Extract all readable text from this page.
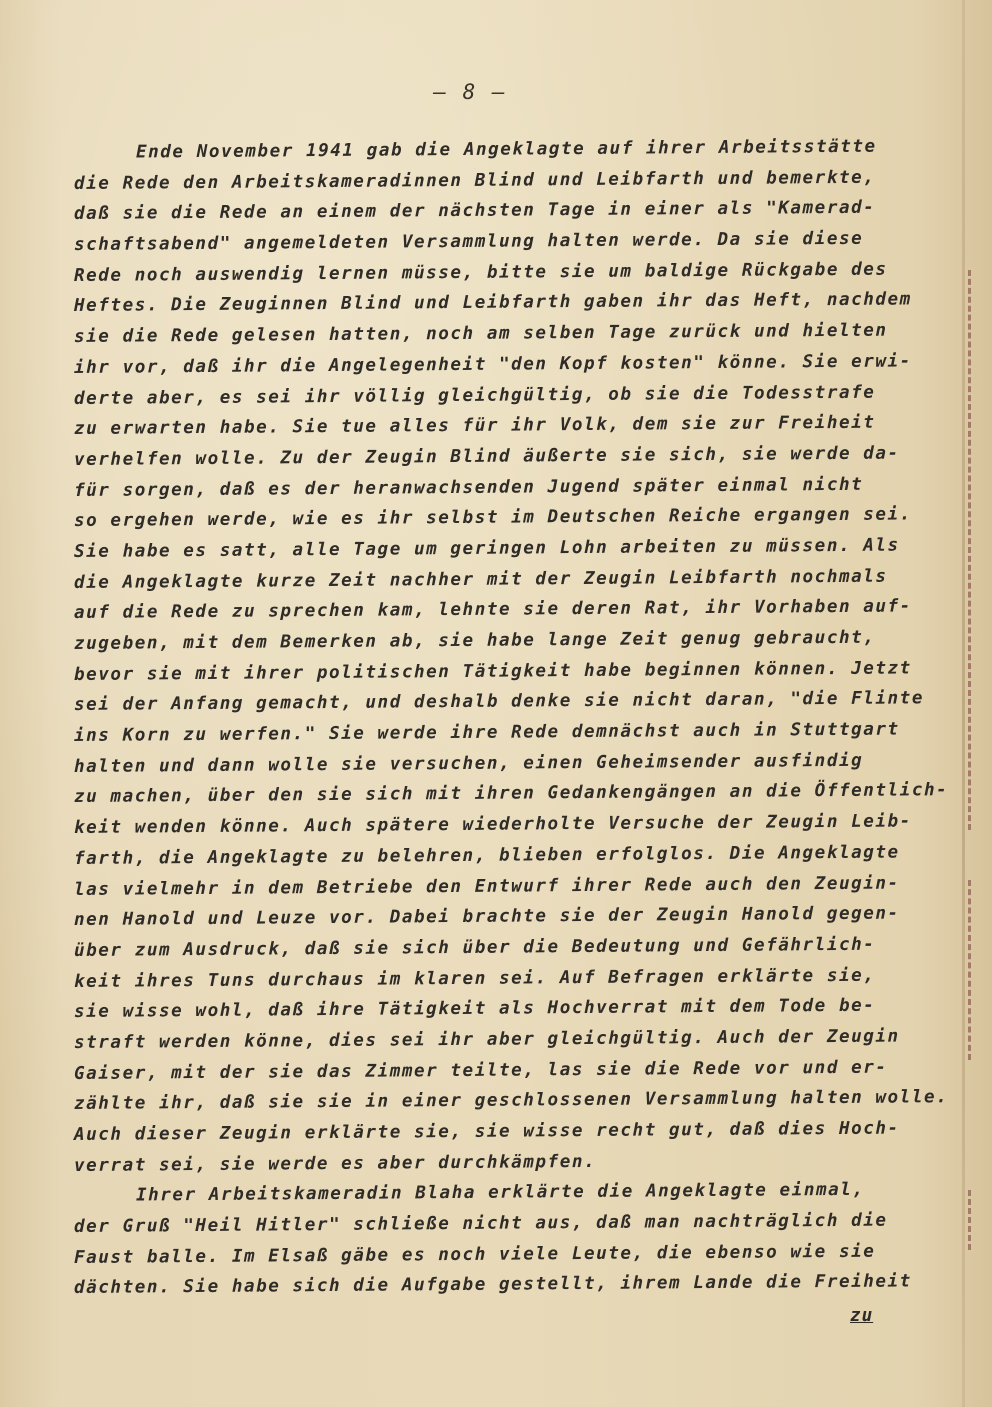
– 8 –
Ende November 1941 gab die Angeklagte auf ihrer Arbeitsstätte
die Rede den Arbeitskameradinnen Blind und Leibfarth und bemerkte,
daß sie die Rede an einem der nächsten Tage in einer als "Kamerad-
schaftsabend" angemeldeten Versammlung halten werde. Da sie diese
Rede noch auswendig lernen müsse, bitte sie um baldige Rückgabe des
Heftes. Die Zeuginnen Blind und Leibfarth gaben ihr das Heft, nachdem
sie die Rede gelesen hatten, noch am selben Tage zurück und hielten
ihr vor, daß ihr die Angelegenheit "den Kopf kosten" könne. Sie erwi-
derte aber, es sei ihr völlig gleichgültig, ob sie die Todesstrafe
zu erwarten habe. Sie tue alles für ihr Volk, dem sie zur Freiheit
verhelfen wolle. Zu der Zeugin Blind äußerte sie sich, sie werde da-
für sorgen, daß es der heranwachsenden Jugend später einmal nicht
so ergehen werde, wie es ihr selbst im Deutschen Reiche ergangen sei.
Sie habe es satt, alle Tage um geringen Lohn arbeiten zu müssen. Als
die Angeklagte kurze Zeit nachher mit der Zeugin Leibfarth nochmals
auf die Rede zu sprechen kam, lehnte sie deren Rat, ihr Vorhaben auf-
zugeben, mit dem Bemerken ab, sie habe lange Zeit genug gebraucht,
bevor sie mit ihrer politischen Tätigkeit habe beginnen können. Jetzt
sei der Anfang gemacht, und deshalb denke sie nicht daran, "die Flinte
ins Korn zu werfen." Sie werde ihre Rede demnächst auch in Stuttgart
halten und dann wolle sie versuchen, einen Geheimsender ausfindig
zu machen, über den sie sich mit ihren Gedankengängen an die Öffentlich-
keit wenden könne. Auch spätere wiederholte Versuche der Zeugin Leib-
farth, die Angeklagte zu belehren, blieben erfolglos. Die Angeklagte
las vielmehr in dem Betriebe den Entwurf ihrer Rede auch den Zeugin-
nen Hanold und Leuze vor. Dabei brachte sie der Zeugin Hanold gegen-
über zum Ausdruck, daß sie sich über die Bedeutung und Gefährlich-
keit ihres Tuns durchaus im klaren sei. Auf Befragen erklärte sie,
sie wisse wohl, daß ihre Tätigkeit als Hochverrat mit dem Tode be-
straft werden könne, dies sei ihr aber gleichgültig. Auch der Zeugin
Gaiser, mit der sie das Zimmer teilte, las sie die Rede vor und er-
zählte ihr, daß sie sie in einer geschlossenen Versammlung halten wolle.
Auch dieser Zeugin erklärte sie, sie wisse recht gut, daß dies Hoch-
verrat sei, sie werde es aber durchkämpfen.
Ihrer Arbeitskameradin Blaha erklärte die Angeklagte einmal,
der Gruß "Heil Hitler" schließe nicht aus, daß man nachträglich die
Faust balle. Im Elsaß gäbe es noch viele Leute, die ebenso wie sie
dächten. Sie habe sich die Aufgabe gestellt, ihrem Lande die Freiheit
zu
